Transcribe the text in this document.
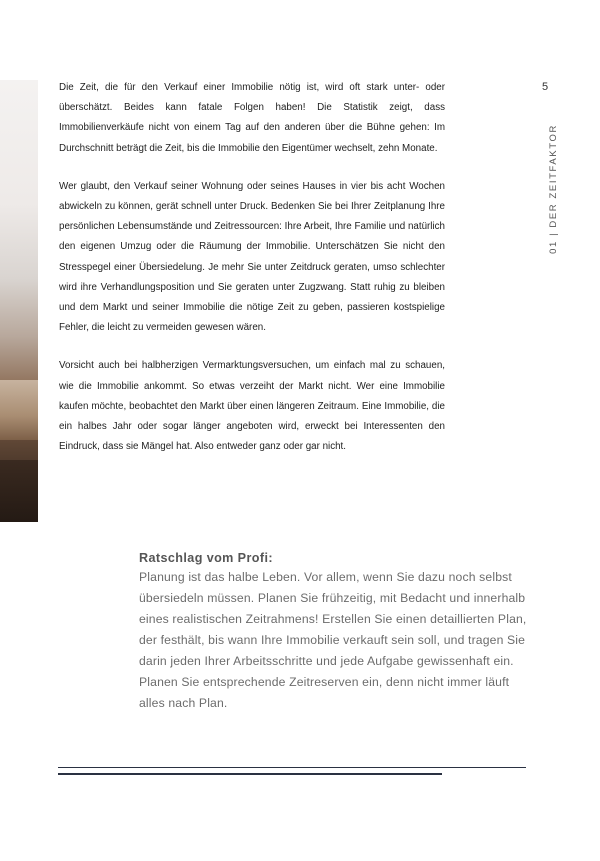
5
01 | DER ZEITFAKTOR

Die Zeit, die für den Verkauf einer Immobilie nötig ist, wird oft stark unter- oder überschätzt. Beides kann fatale Folgen haben! Die Statistik zeigt, dass Immobilienverkäufe nicht von einem Tag auf den anderen über die Bühne gehen: Im Durchschnitt beträgt die Zeit, bis die Immobilie den Eigentümer wechselt, zehn Monate.

Wer glaubt, den Verkauf seiner Wohnung oder seines Hauses in vier bis acht Wochen abwickeln zu können, gerät schnell unter Druck. Bedenken Sie bei Ihrer Zeitplanung Ihre persönlichen Lebensumstände und Zeitressourcen: Ihre Arbeit, Ihre Familie und natürlich den eigenen Umzug oder die Räumung der Immobilie. Unterschätzen Sie nicht den Stresspegel einer Übersiedelung. Je mehr Sie unter Zeitdruck geraten, umso schlechter wird ihre Verhandlungsposition und Sie geraten unter Zugzwang. Statt ruhig zu bleiben und dem Markt und seiner Immobilie die nötige Zeit zu geben, passieren kostspielige Fehler, die leicht zu vermeiden gewesen wären.

Vorsicht auch bei halbherzigen Vermarktungsversuchen, um einfach mal zu schauen, wie die Immobilie ankommt. So etwas verzeiht der Markt nicht. Wer eine Immobilie kaufen möchte, beobachtet den Markt über einen längeren Zeitraum. Eine Immobilie, die ein halbes Jahr oder sogar länger angeboten wird, erweckt bei Interessenten den Eindruck, dass sie Mängel hat. Also entweder ganz oder gar nicht.

Ratschlag vom Profi:

Planung ist das halbe Leben. Vor allem, wenn Sie dazu noch selbst übersiedeln müssen. Planen Sie frühzeitig, mit Bedacht und innerhalb eines realistischen Zeitrahmens! Erstellen Sie einen detaillierten Plan, der festhält, bis wann Ihre Immobilie verkauft sein soll, und tragen Sie darin jeden Ihrer Arbeitsschritte und jede Aufgabe gewissenhaft ein. Planen Sie entsprechende Zeitreserven ein, denn nicht immer läuft alles nach Plan.
